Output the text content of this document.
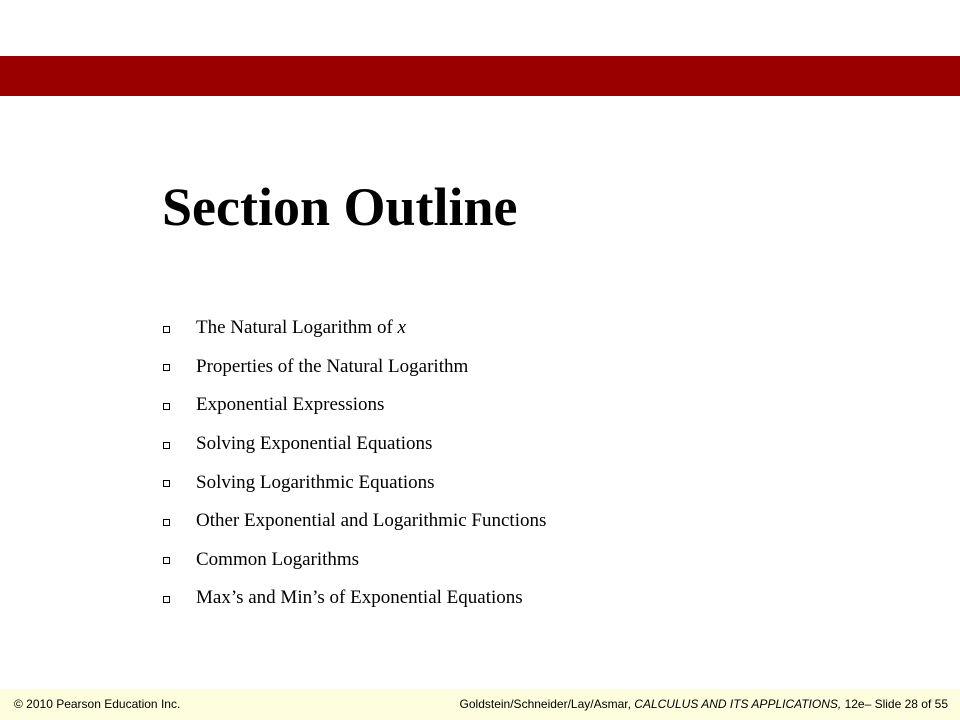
Section Outline
The Natural Logarithm of x
Properties of the Natural Logarithm
Exponential Expressions
Solving Exponential Equations
Solving Logarithmic Equations
Other Exponential and Logarithmic Functions
Common Logarithms
Max’s and Min’s of Exponential Equations
© 2010 Pearson Education Inc.	Goldstein/Schneider/Lay/Asmar, CALCULUS AND ITS APPLICATIONS, 12e– Slide 28 of 55
